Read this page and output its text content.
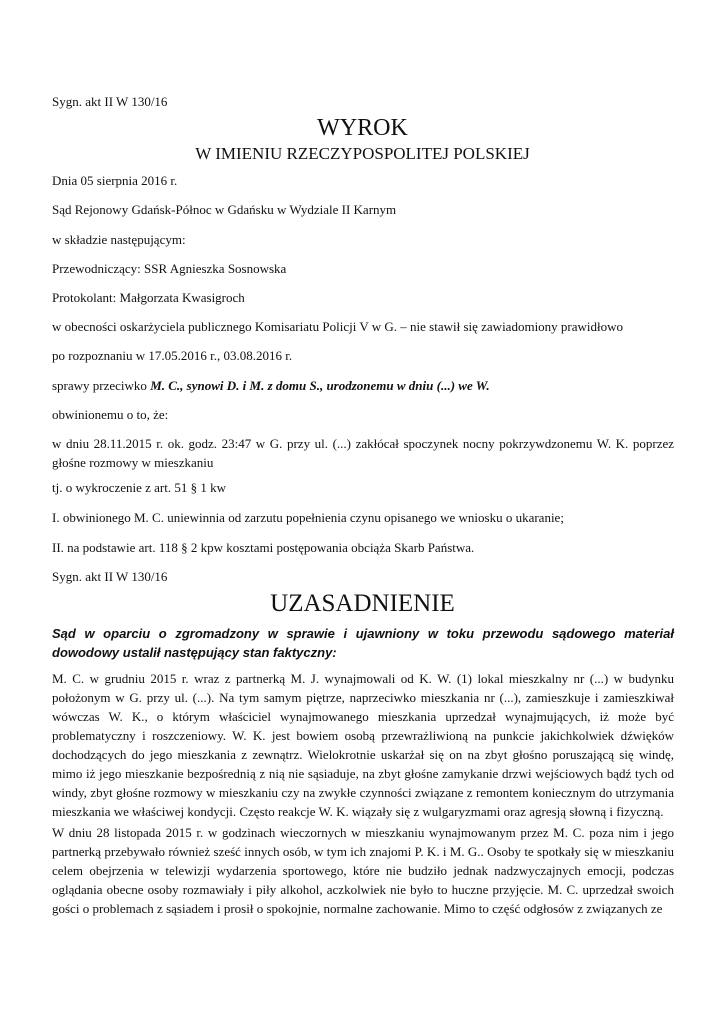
Sygn. akt II W 130/16
WYROK
W IMIENIU RZECZYPOSPOLITEJ POLSKIEJ
Dnia 05 sierpnia 2016 r.
Sąd Rejonowy Gdańsk-Północ w Gdańsku w Wydziale II Karnym
w składzie następującym:
Przewodniczący: SSR Agnieszka Sosnowska
Protokolant: Małgorzata Kwasigroch
w obecności oskarżyciela publicznego Komisariatu Policji V w G. – nie stawił się zawiadomiony prawidłowo
po rozpoznaniu w 17.05.2016 r., 03.08.2016 r.
sprawy przeciwko M. C., synowi D. i M. z domu S., urodzonemu w dniu (...) we W.
obwinionemu o to, że:
w dniu 28.11.2015 r. ok. godz. 23:47 w G. przy ul. (...) zakłócał spoczynek nocny pokrzywdzonemu W. K. poprzez głośne rozmowy w mieszkaniu
tj. o wykroczenie z art. 51 § 1 kw
I. obwinionego M. C. uniewinnia od zarzutu popełnienia czynu opisanego we wniosku o ukaranie;
II. na podstawie art. 118 § 2 kpw kosztami postępowania obciąża Skarb Państwa.
Sygn. akt II W 130/16
UZASADNIENIE
Sąd w oparciu o zgromadzony w sprawie i ujawniony w toku przewodu sądowego materiał dowodowy ustalił następujący stan faktyczny:
M. C. w grudniu 2015 r. wraz z partnerką M. J. wynajmowali od K. W. (1) lokal mieszkalny nr (...) w budynku położonym w G. przy ul. (...). Na tym samym piętrze, naprzeciwko mieszkania nr (...), zamieszkuje i zamieszkiwał wówczas W. K., o którym właściciel wynajmowanego mieszkania uprzedzał wynajmujących, iż może być problematyczny i roszczeniowy. W. K. jest bowiem osobą przewrażliwioną na punkcie jakichkolwiek dźwięków dochodzących do jego mieszkania z zewnątrz. Wielokrotnie uskarżał się on na zbyt głośno poruszającą się windę, mimo iż jego mieszkanie bezpośrednią z nią nie sąsiaduje, na zbyt głośne zamykanie drzwi wejściowych bądź tych od windy, zbyt głośne rozmowy w mieszkaniu czy na zwykłe czynności związane z remontem koniecznym do utrzymania mieszkania we właściwej kondycji. Często reakcje W. K. wiązały się z wulgaryzmami oraz agresją słowną i fizyczną.
W dniu 28 listopada 2015 r. w godzinach wieczornych w mieszkaniu wynajmowanym przez M. C. poza nim i jego partnerką przebywało również sześć innych osób, w tym ich znajomi P. K. i M. G.. Osoby te spotkały się w mieszkaniu celem obejrzenia w telewizji wydarzenia sportowego, które nie budziło jednak nadzwyczajnych emocji, podczas oglądania obecne osoby rozmawiały i piły alkohol, aczkolwiek nie było to huczne przyjęcie. M. C. uprzedzał swoich gości o problemach z sąsiadem i prosił o spokojnie, normalne zachowanie. Mimo to część odgłosów z związanych ze
